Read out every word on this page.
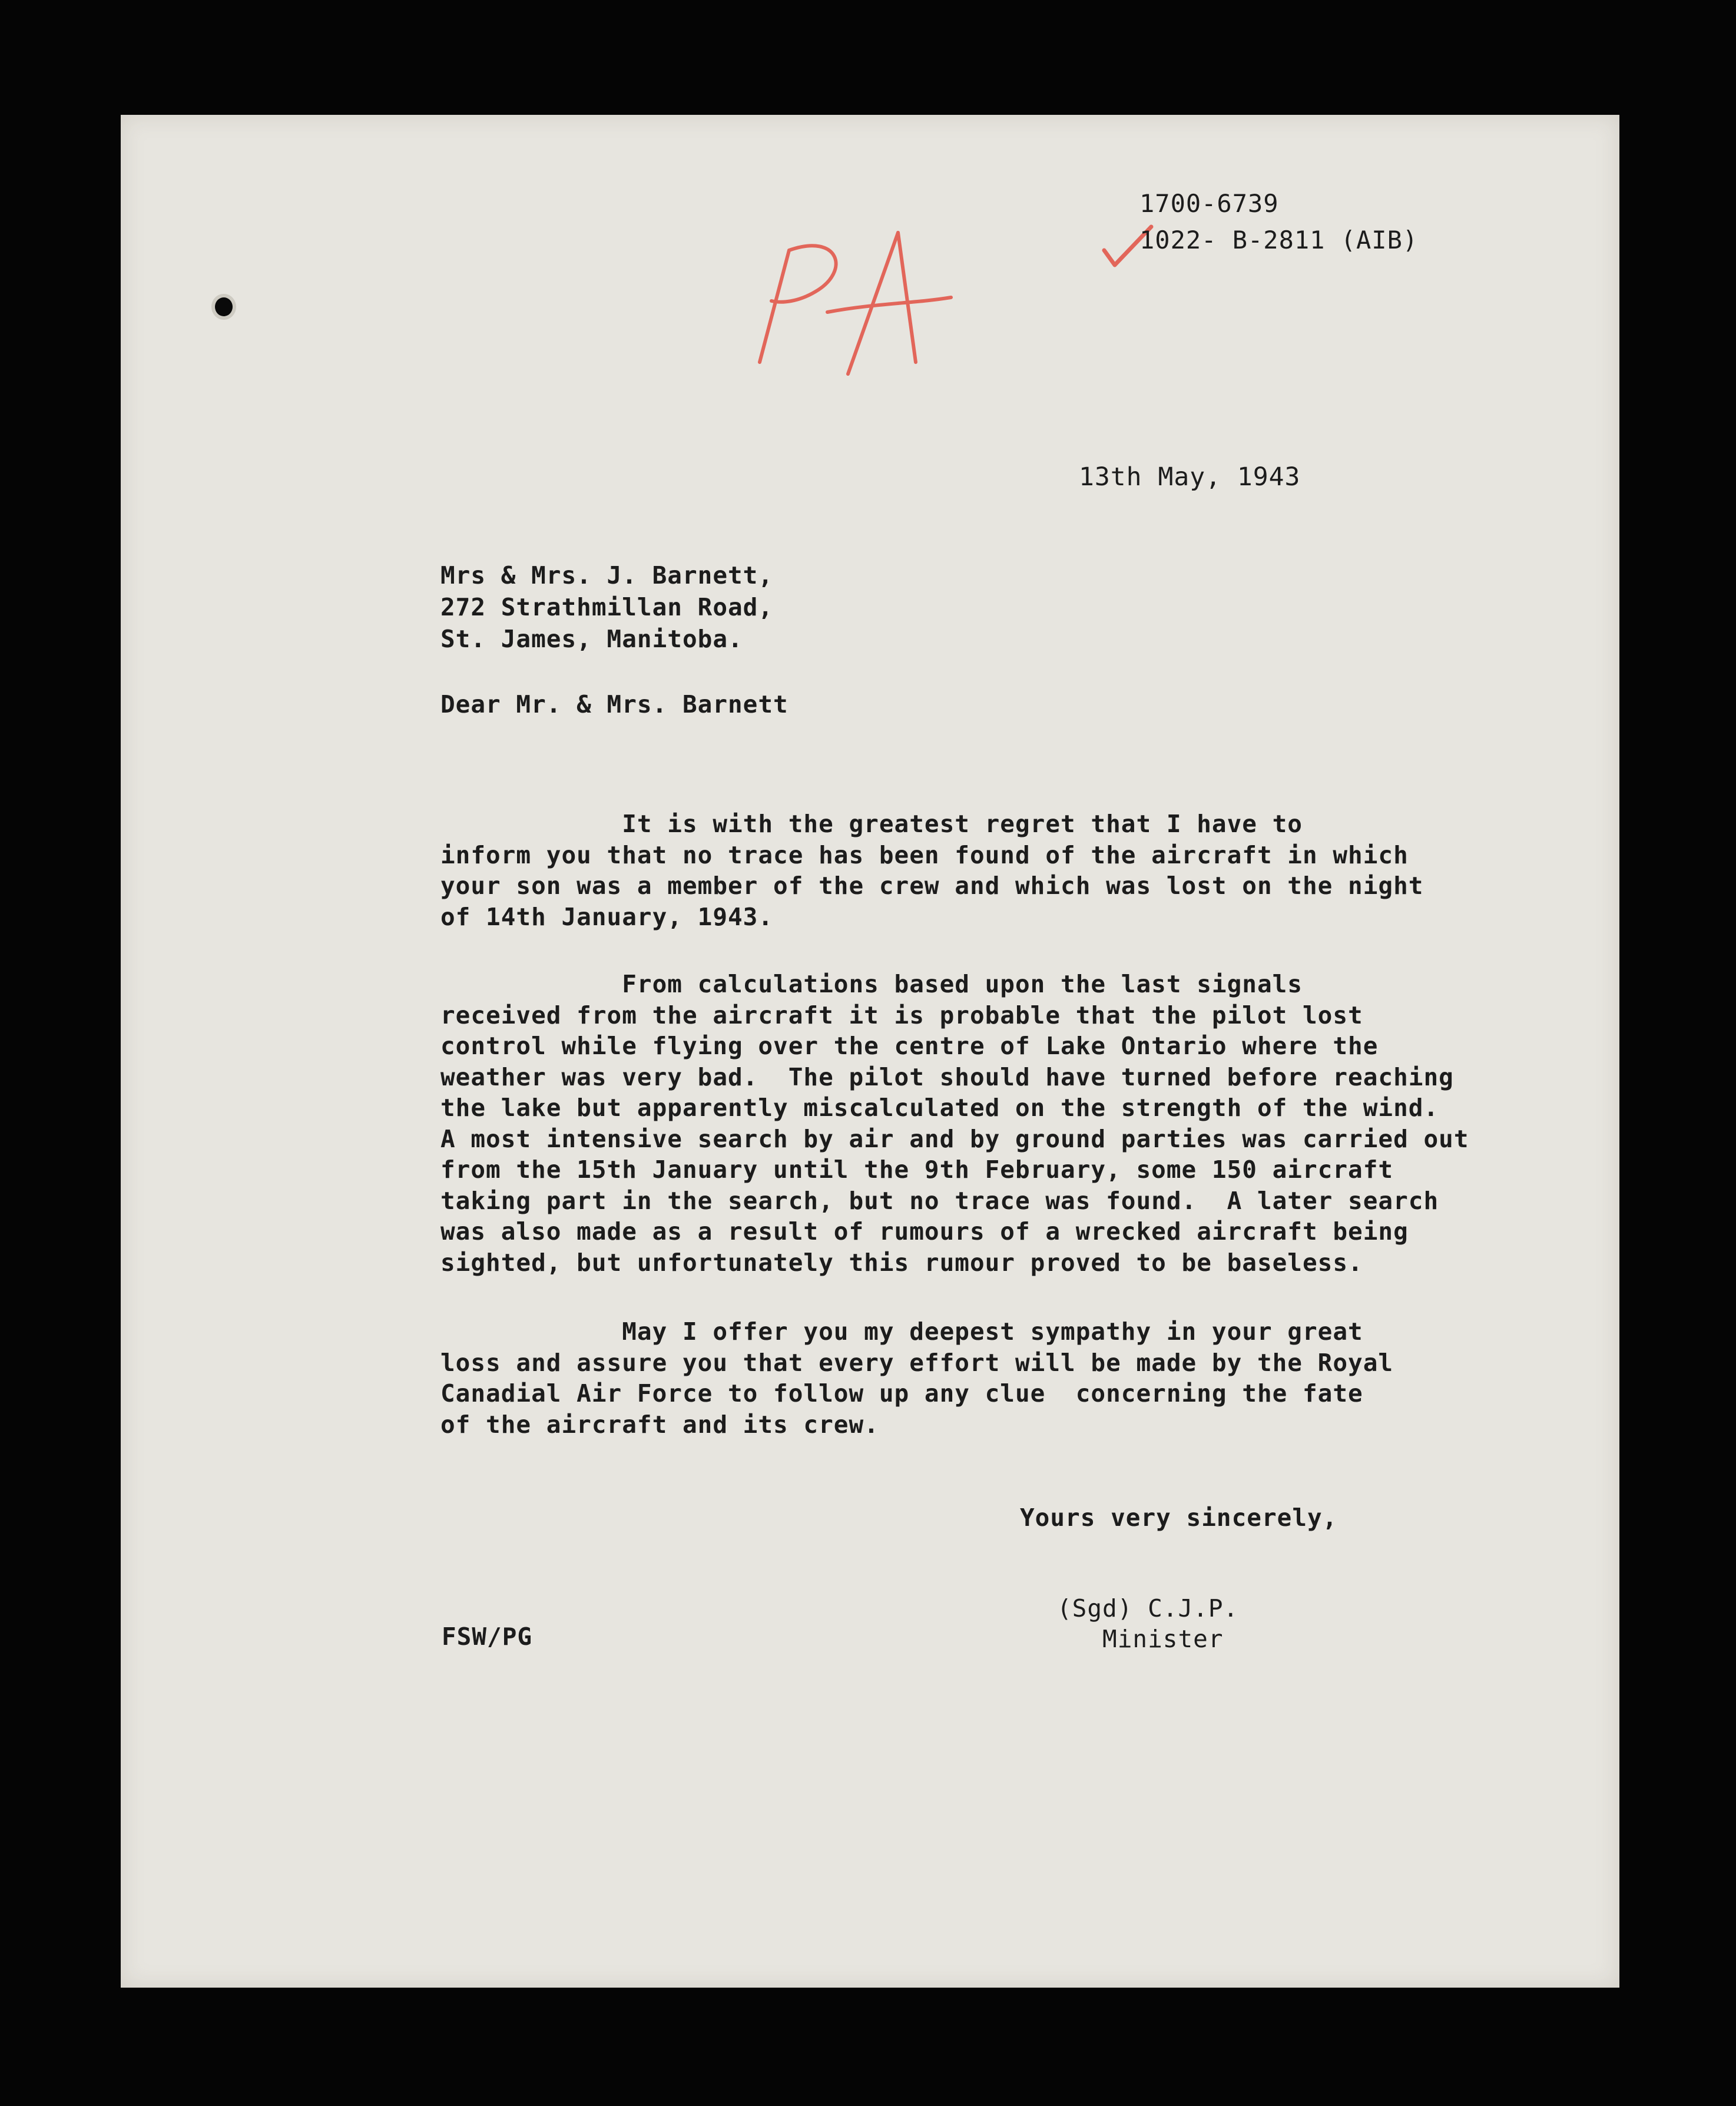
1700-6739
1022- B-2811 (AIB)
13th May, 1943
Mrs & Mrs. J. Barnett,
272 Strathmillan Road,
St. James, Manitoba.
Dear Mr. & Mrs. Barnett
It is with the greatest regret that I have to
inform you that no trace has been found of the aircraft in which
your son was a member of the crew and which was lost on the night
of 14th January, 1943.
From calculations based upon the last signals
received from the aircraft it is probable that the pilot lost
control while flying over the centre of Lake Ontario where the
weather was very bad.  The pilot should have turned before reaching
the lake but apparently miscalculated on the strength of the wind.
A most intensive search by air and by ground parties was carried out
from the 15th January until the 9th February, some 150 aircraft
taking part in the search, but no trace was found.  A later search
was also made as a result of rumours of a wrecked aircraft being
sighted, but unfortunately this rumour proved to be baseless.
May I offer you my deepest sympathy in your great
loss and assure you that every effort will be made by the Royal
Canadial Air Force to follow up any clue  concerning the fate
of the aircraft and its crew.
Yours very sincerely,
(Sgd) C.J.P.
Minister
FSW/PG
